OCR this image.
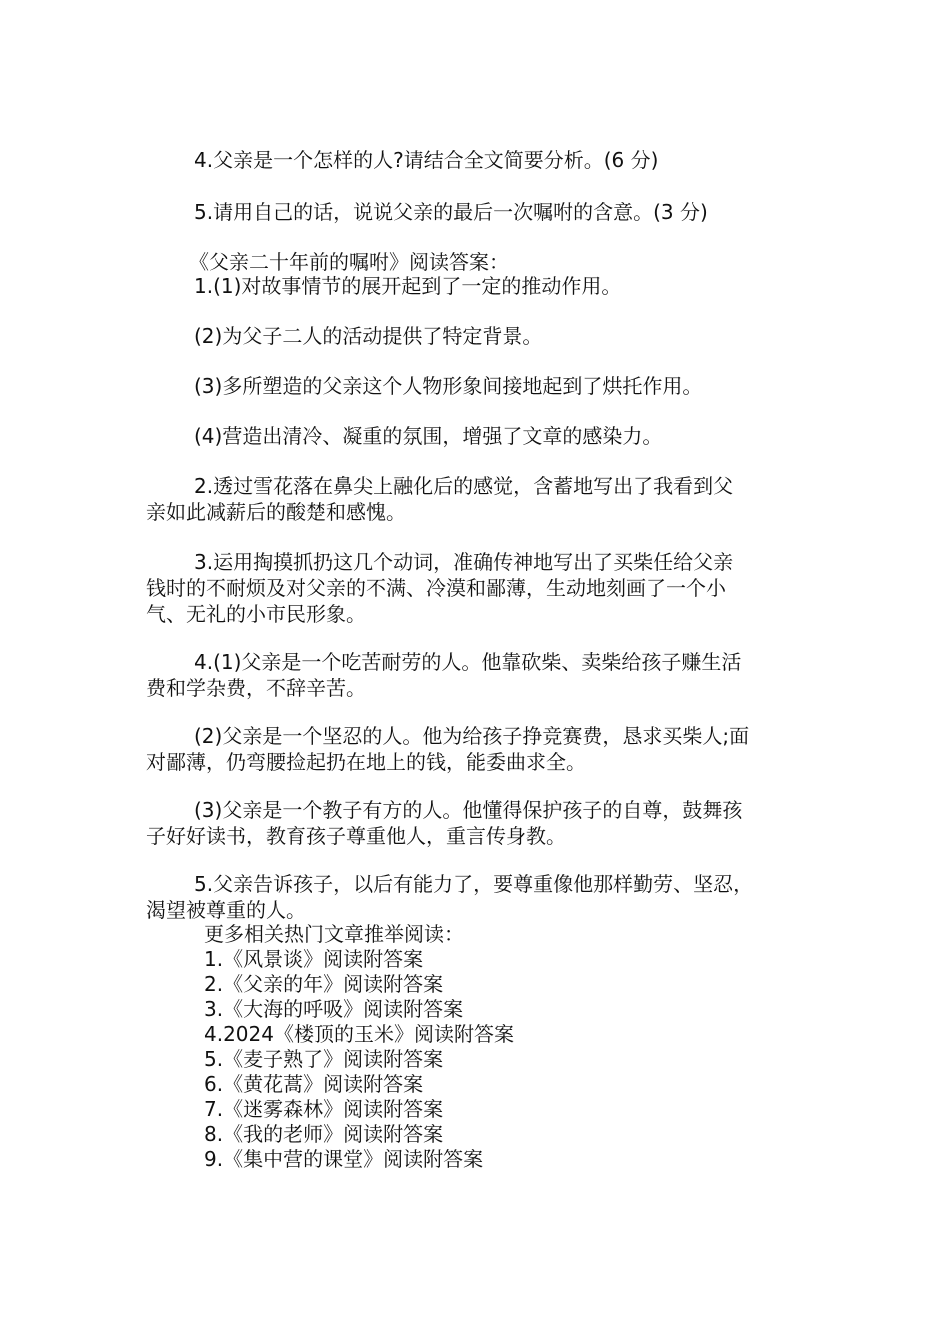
4.父亲是一个怎样的人?请结合全文简要分析。(6 分)

5.请用自己的话，说说父亲的最后一次嘱咐的含意。(3 分)

《父亲二十年前的嘱咐》阅读答案：

1.(1)对故事情节的展开起到了一定的推动作用。

(2)为父子二人的活动提供了特定背景。

(3)多所塑造的父亲这个人物形象间接地起到了烘托作用。

(4)营造出清冷、凝重的氛围，增强了文章的感染力。

2.透过雪花落在鼻尖上融化后的感觉，含蓄地写出了我看到父

亲如此减薪后的酸楚和感愧。

3.运用掏摸抓扔这几个动词，准确传神地写出了买柴任给父亲

钱时的不耐烦及对父亲的不满、冷漠和鄙薄，生动地刻画了一个小

气、无礼的小市民形象。

4.(1)父亲是一个吃苦耐劳的人。他靠砍柴、卖柴给孩子赚生活

费和学杂费，不辞辛苦。

(2)父亲是一个坚忍的人。他为给孩子挣竞赛费，恳求买柴人;面

对鄙薄，仍弯腰捡起扔在地上的钱，能委曲求全。

(3)父亲是一个教子有方的人。他懂得保护孩子的自尊，鼓舞孩

子好好读书，教育孩子尊重他人，重言传身教。

5.父亲告诉孩子，以后有能力了，要尊重像他那样勤劳、坚忍，

渴望被尊重的人。

更多相关热门文章推举阅读：

1.《风景谈》阅读附答案

2.《父亲的年》阅读附答案

3.《大海的呼吸》阅读附答案

4.2024《楼顶的玉米》阅读附答案

5.《麦子熟了》阅读附答案

6.《黄花蒿》阅读附答案

7.《迷雾森林》阅读附答案

8.《我的老师》阅读附答案

9.《集中营的课堂》阅读附答案
